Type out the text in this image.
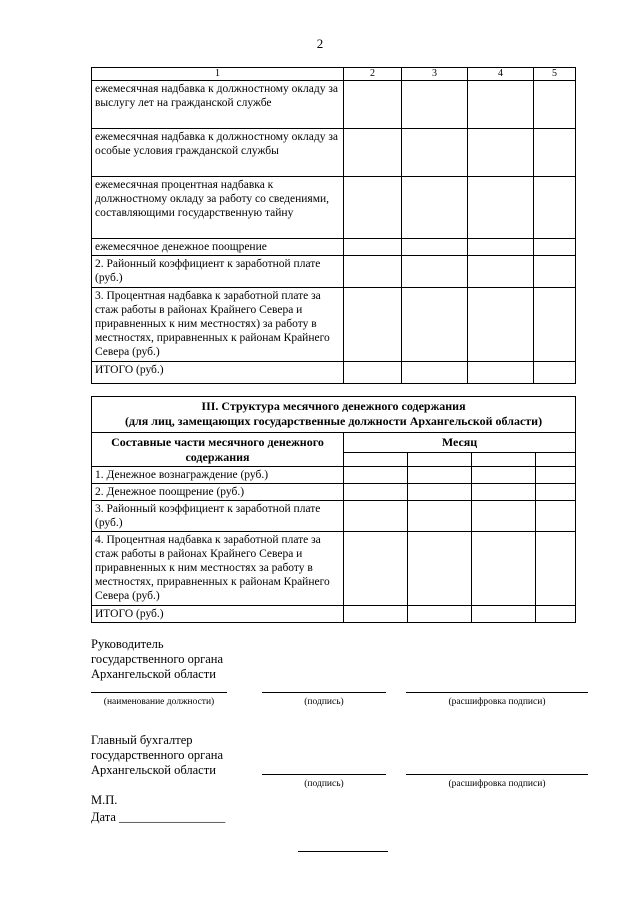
2
1	2	3	4	5
ежемесячная надбавка к должностному окладу за выслугу лет на гражданской службе				
ежемесячная надбавка к должностному окладу за особые условия гражданской службы				
ежемесячная процентная надбавка к должностному окладу за работу со сведениями, составляющими государственную тайну				
ежемесячное денежное поощрение				
2. Районный коэффициент к заработной плате (руб.)				
3. Процентная надбавка к заработной плате за стаж работы в районах Крайнего Севера и приравненных к ним местностях) за работу в местностях, приравненных к районам Крайнего Севера (руб.)				
ИТОГО (руб.)				
III. Структура месячного денежного содержания
(для лиц, замещающих государственные должности Архангельской области)				

Составные части месячного денежного содержания	Месяц			

1. Денежное вознаграждение (руб.)				
2. Денежное поощрение (руб.)				
3. Районный коэффициент к заработной плате (руб.)				
4. Процентная надбавка к заработной плате за стаж работы в районах Крайнего Севера и приравненных к ним местностях за работу в местностях, приравненных к районам Крайнего Севера (руб.)				
ИТОГО (руб.)				
Руководитель
государственного органа
Архангельской области
(наименование должности)	(подпись)	(расшифровка подписи)
Главный бухгалтер
государственного органа
Архангельской области
(подпись)	(расшифровка подписи)
М.П.
Дата _________________
